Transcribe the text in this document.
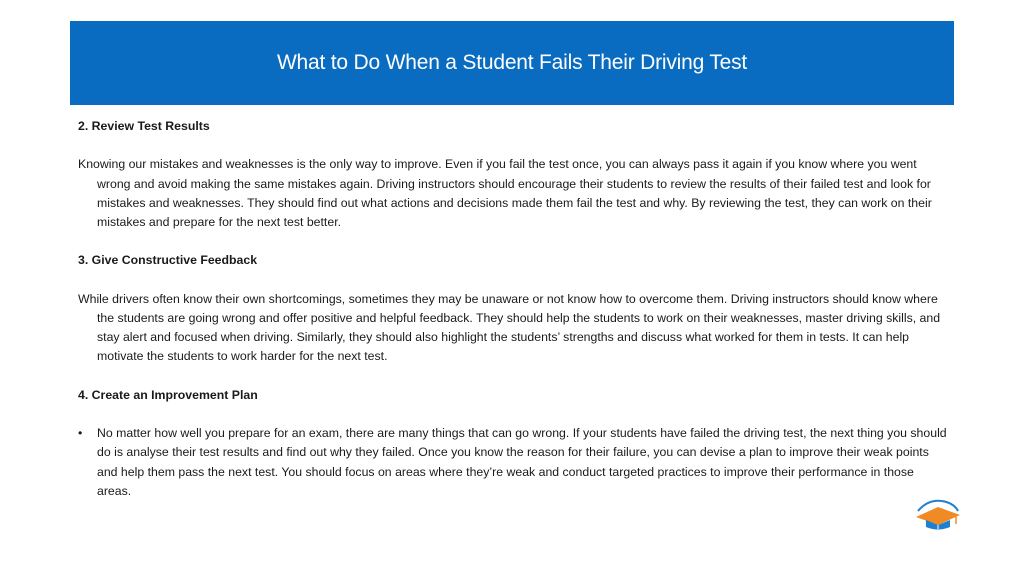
What to Do When a Student Fails Their Driving Test
2. Review Test Results

Knowing our mistakes and weaknesses is the only way to improve. Even if you fail the test once, you can always pass it again if you know where you went wrong and avoid making the same mistakes again. Driving instructors should encourage their students to review the results of their failed test and look for mistakes and weaknesses. They should find out what actions and decisions made them fail the test and why. By reviewing the test, they can work on their mistakes and prepare for the next test better.

3. Give Constructive Feedback

While drivers often know their own shortcomings, sometimes they may be unaware or not know how to overcome them. Driving instructors should know where the students are going wrong and offer positive and helpful feedback. They should help the students to work on their weaknesses, master driving skills, and stay alert and focused when driving. Similarly, they should also highlight the students’ strengths and discuss what worked for them in tests. It can help motivate the students to work harder for the next test.

4. Create an Improvement Plan
•	No matter how well you prepare for an exam, there are many things that can go wrong. If your students have failed the driving test, the next thing you should do is analyse their test results and find out why they failed. Once you know the reason for their failure, you can devise a plan to improve their weak points and help them pass the next test. You should focus on areas where they’re weak and conduct targeted practices to improve their performance in those areas.
